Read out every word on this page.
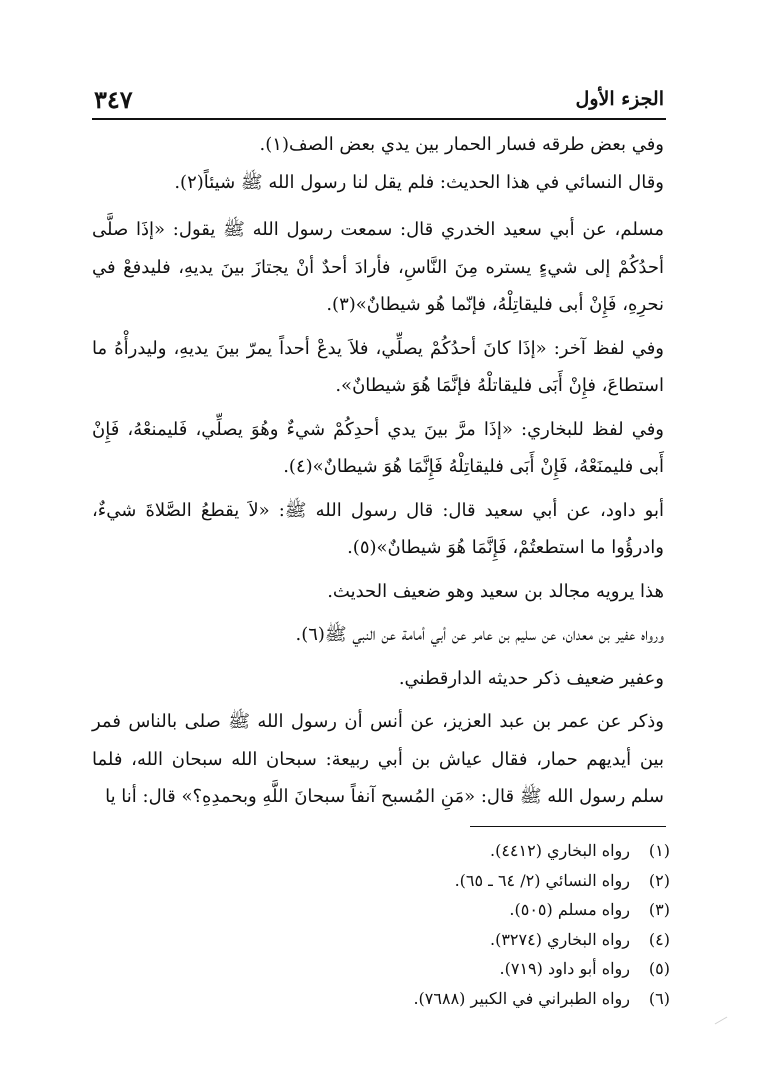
الجزء الأول
٣٤٧

وفي بعض طرقه فسار الحمار بين يدي بعض الصف(١).

وقال النسائي في هذا الحديث: فلم يقل لنا رسول الله ﷺ شيئاً(٢).

مسلم، عن أبي سعيد الخدري قال: سمعت رسول الله ﷺ يقول: «إذَا صلَّى أحدُكُمْ إلى شيءٍ يستره مِنَ النَّاسِ، فأرادَ أحدٌ أنْ يجتازَ بينَ يديهِ، فليدفعْ في نحرِهِ، فَإِنْ أبى فليقاتِلْهُ، فإنّما هُو شيطانٌ»(٣).

وفي لفظ آخر: «إذَا كانَ أحدُكُمْ يصلِّي، فلاَ يدعْ أحداً يمرّ بينَ يديهِ، وليدرأْهُ ما استطاعَ، فإِنْ أَبَى فليقاتلْهُ فإنَّمَا هُوَ شيطانٌ».

وفي لفظ للبخاري: «إذَا مرَّ بينَ يدي أحدِكُمْ شيءٌ وهُوَ يصلِّي، فَليمنعْهُ، فَإِنْ أَبى فليمنَعْهُ، فَإِنْ أَبَى فليقاتِلْهُ فَإِنَّمَا هُوَ شيطانٌ»(٤).

أبو داود، عن أبي سعيد قال: قال رسول الله ﷺ: «لاَ يقطعُ الصَّلاةَ شيءٌ، وادرؤُوا ما استطعتُمْ، فَإِنَّمَا هُوَ شيطانٌ»(٥).

هذا يرويه مجالد بن سعيد وهو ضعيف الحديث.

ورواه عفير بن معدان، عن سليم بن عامر عن أبي أمامة عن النبي ﷺ(٦).

وعفير ضعيف ذكر حديثه الدارقطني.

وذكر عن عمر بن عبد العزيز، عن أنس أن رسول الله ﷺ صلى بالناس فمر بين أيديهم حمار، فقال عياش بن أبي ربيعة: سبحان الله سبحان الله، فلما سلم رسول الله ﷺ قال: «مَنِ المُسبح آنفاً سبحانَ اللَّهِ وبحمدِهِ؟» قال: أنا يا

(١)
رواه البخاري (٤٤١٢).
(٢)
رواه النسائي (٢/ ٦٤ ـ ٦٥).
(٣)
رواه مسلم (٥٠٥).
(٤)
رواه البخاري (٣٢٧٤).
(٥)
رواه أبو داود (٧١٩).
(٦)
رواه الطبراني في الكبير (٧٦٨٨).
